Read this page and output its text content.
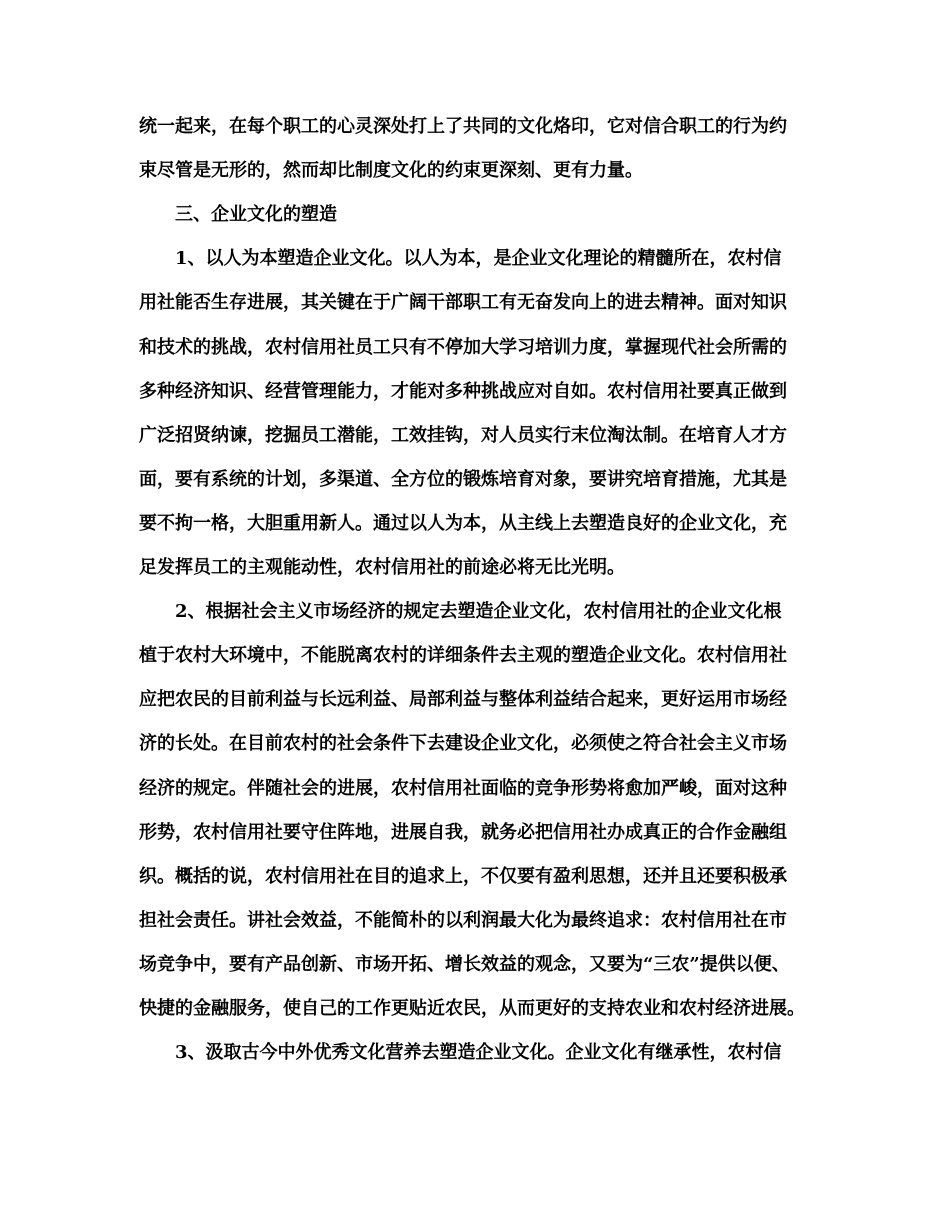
统一起来，在每个职工的心灵深处打上了共同的文化烙印，它对信合职工的行为约
束尽管是无形的，然而却比制度文化的约束更深刻、更有力量。
三、企业文化的塑造
1、以人为本塑造企业文化。以人为本，是企业文化理论的精髓所在，农村信
用社能否生存进展，其关键在于广阔干部职工有无奋发向上的进去精神。面对知识
和技术的挑战，农村信用社员工只有不停加大学习培训力度，掌握现代社会所需的
多种经济知识、经营管理能力，才能对多种挑战应对自如。农村信用社要真正做到
广泛招贤纳谏，挖掘员工潜能，工效挂钩，对人员实行末位淘汰制。在培育人才方
面，要有系统的计划，多渠道、全方位的锻炼培育对象，要讲究培育措施，尤其是
要不拘一格，大胆重用新人。通过以人为本，从主线上去塑造良好的企业文化，充
足发挥员工的主观能动性，农村信用社的前途必将无比光明。
2、根据社会主义市场经济的规定去塑造企业文化，农村信用社的企业文化根
植于农村大环境中，不能脱离农村的详细条件去主观的塑造企业文化。农村信用社
应把农民的目前利益与长远利益、局部利益与整体利益结合起来，更好运用市场经
济的长处。在目前农村的社会条件下去建设企业文化，必须使之符合社会主义市场
经济的规定。伴随社会的进展，农村信用社面临的竞争形势将愈加严峻，面对这种
形势，农村信用社要守住阵地，进展自我，就务必把信用社办成真正的合作金融组
织。概括的说，农村信用社在目的追求上，不仅要有盈利思想，还并且还要积极承
担社会责任。讲社会效益，不能简朴的以利润最大化为最终追求：农村信用社在市
场竞争中，要有产品创新、市场开拓、增长效益的观念，又要为“三农”提供以便、
快捷的金融服务，使自己的工作更贴近农民，从而更好的支持农业和农村经济进展。
3、汲取古今中外优秀文化营养去塑造企业文化。企业文化有继承性，农村信
